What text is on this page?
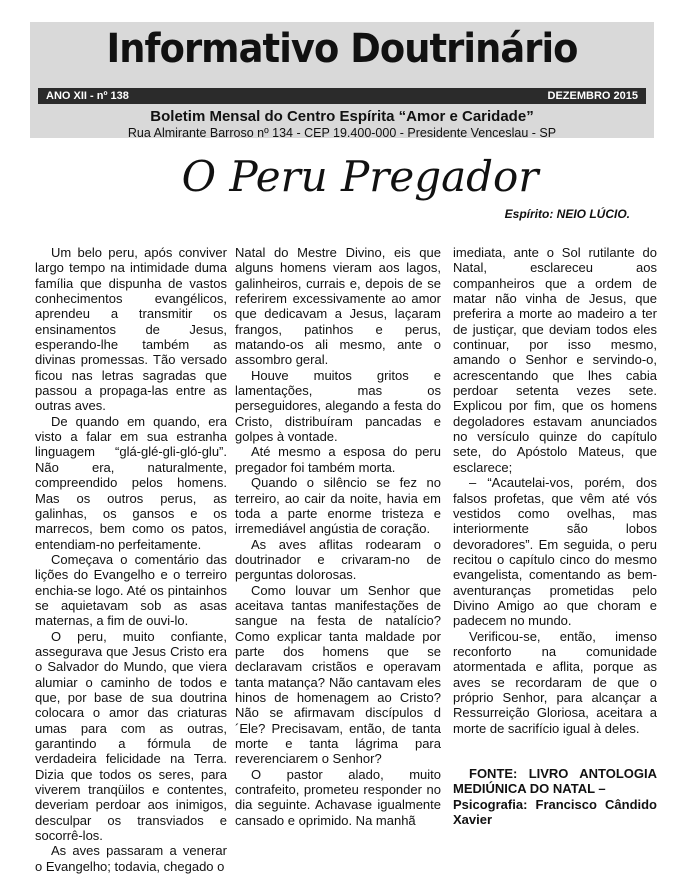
Informativo Doutrinário
ANO XII - nº 138	DEZEMBRO 2015
Boletim Mensal do Centro Espírita “Amor e Caridade”
Rua Almirante Barroso nº 134 - CEP 19.400-000 - Presidente Venceslau - SP
O Peru Pregador
Espírito: NEIO LÚCIO.

Um belo peru, após conviver largo tempo na intimidade duma família que dispunha de vastos conhecimentos evangélicos, aprendeu a transmitir os ensinamentos de Jesus, esperando-lhe também as divinas promessas. Tão versado ficou nas letras sagradas que passou a propaga-las entre as outras aves.

De quando em quando, era visto a falar em sua estranha linguagem “glá-glé-gli-gló-glu”. Não era, naturalmente, compreendido pelos homens. Mas os outros perus, as galinhas, os gansos e os marrecos, bem como os patos, entendiam-no perfeitamente.

Começava o comentário das lições do Evangelho e o terreiro enchia-se logo. Até os pintainhos se aquietavam sob as asas maternas, a fim de ouvi-lo.

O peru, muito confiante, assegurava que Jesus Cristo era o Salvador do Mundo, que viera alumiar o caminho de todos e que, por base de sua doutrina colocara o amor das criaturas umas para com as outras, garantindo a fórmula de verdadeira felicidade na Terra. Dizia que todos os seres, para viverem tranqüilos e contentes, deveriam perdoar aos inimigos, desculpar os transviados e socorrê-los.

As aves passaram a venerar o Evangelho; todavia, chegado o

Natal do Mestre Divino, eis que alguns homens vieram aos lagos, galinheiros, currais e, depois de se referirem excessivamente ao amor que dedicavam a Jesus, laçaram frangos, patinhos e perus, matando-os ali mesmo, ante o assombro geral.

Houve muitos gritos e lamentações, mas os perseguidores, alegando a festa do Cristo, distribuíram pancadas e golpes à vontade.

Até mesmo a esposa do peru pregador foi também morta.

Quando o silêncio se fez no terreiro, ao cair da noite, havia em toda a parte enorme tristeza e irremediável angústia de coração.

As aves aflitas rodearam o doutrinador e crivaram-no de perguntas dolorosas.

Como louvar um Senhor que aceitava tantas manifestações de sangue na festa de natalício? Como explicar tanta maldade por parte dos homens que se declaravam cristãos e operavam tanta matança? Não cantavam eles hinos de homenagem ao Cristo? Não se afirmavam discípulos d´Ele? Precisavam, então, de tanta morte e tanta lágrima para reverenciarem o Senhor?

O pastor alado, muito contrafeito, prometeu responder no dia seguinte. Achavase igualmente cansado e oprimido. Na manhã

imediata, ante o Sol rutilante do Natal, esclareceu aos companheiros que a ordem de matar não vinha de Jesus, que preferira a morte ao madeiro a ter de justiçar, que deviam todos eles continuar, por isso mesmo, amando o Senhor e servindo-o, acrescentando que lhes cabia perdoar setenta vezes sete. Explicou por fim, que os homens degoladores estavam anunciados no versículo quinze do capítulo sete, do Apóstolo Mateus, que esclarece;

– “Acautelai-vos, porém, dos falsos profetas, que vêm até vós vestidos como ovelhas, mas interiormente são lobos devoradores”. Em seguida, o peru recitou o capítulo cinco do mesmo evangelista, comentando as bem-aventuranças prometidas pelo Divino Amigo ao que choram e padecem no mundo.

Verificou-se, então, imenso reconforto na comunidade atormentada e aflita, porque as aves se recordaram de que o próprio Senhor, para alcançar a Ressurreição Gloriosa, aceitara a morte de sacrifício igual à deles.

FONTE: LIVRO ANTOLOGIA MEDIÚNICA DO NATAL –

Psicografia: Francisco Cândido Xavier
